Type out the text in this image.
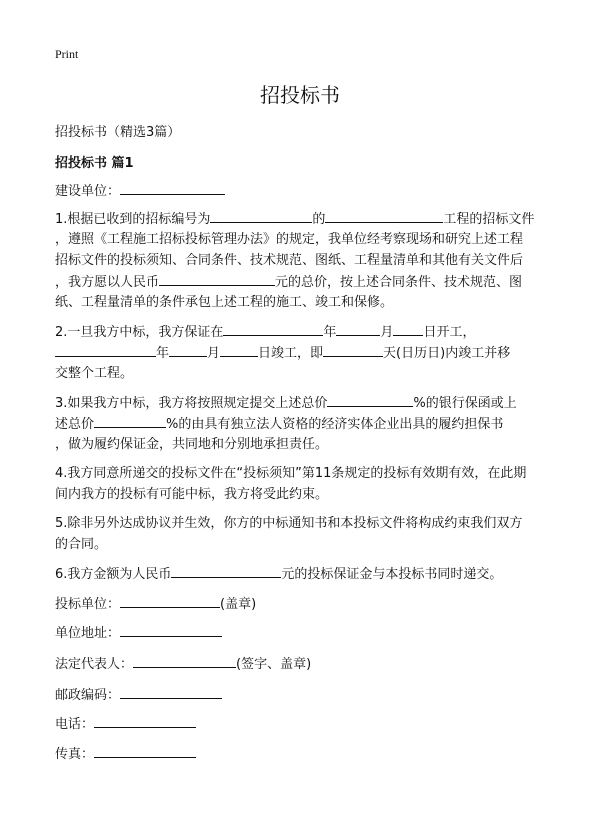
Print
招投标书
招投标书（精选3篇）
招投标书 篇1
建设单位：
1.根据已收到的招标编号为	的	工程的招标文件
，遵照《工程施工招标投标管理办法》的规定，我单位经考察现场和研究上述工程
招标文件的投标须知、合同条件、技术规范、图纸、工程量清单和其他有关文件后
，我方愿以人民币	元的总价，按上述合同条件、技术规范、图
纸、工程量清单的条件承包上述工程的施工、竣工和保修。
2.一旦我方中标，我方保证在	年	月 日开工，
年	月	日竣工，即	天(日历日)内竣工并移
交整个工程。
3.如果我方中标，我方将按照规定提交上述总价	%的银行保函或上
述总价	%的由具有独立法人资格的经济实体企业出具的履约担保书
，做为履约保证金，共同地和分别地承担责任。
4.我方同意所递交的投标文件在“投标须知”第11条规定的投标有效期有效，在此期
间内我方的投标有可能中标，我方将受此约束。
5.除非另外达成协议并生效，你方的中标通知书和本投标文件将构成约束我们双方
的合同。
6.我方金额为人民币	元的投标保证金与本投标书同时递交。
投标单位：	(盖章)
单位地址：
法定代表人：	(签字、盖章)
邮政编码：
电话：
传真：
